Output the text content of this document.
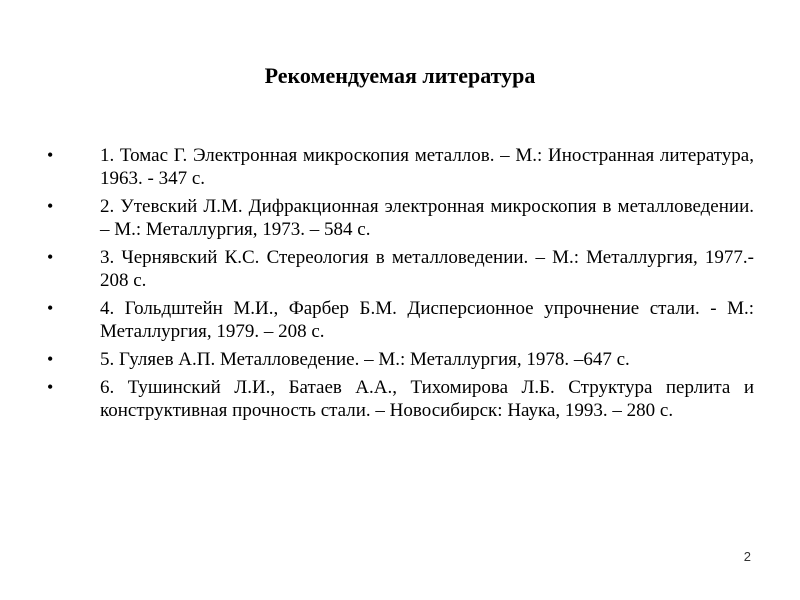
Рекомендуемая литература
• 1. Томас Г. Электронная микроскопия металлов. – М.: Иностранная литература, 1963. - 347 с.
• 2. Утевский Л.М. Дифракционная электронная микроскопия в металловедении. – М.: Металлургия, 1973. – 584 с.
• 3. Чернявский К.С. Стереология в металловедении. – М.: Металлургия, 1977.- 208 с.
• 4. Гольдштейн М.И., Фарбер Б.М. Дисперсионное упрочнение стали. - М.: Металлургия, 1979. – 208 с.
• 5. Гуляев А.П. Металловедение. – М.: Металлургия, 1978. –647 с.
• 6. Тушинский Л.И., Батаев А.А., Тихомирова Л.Б. Структура перлита и конструктивная прочность стали. – Новосибирск: Наука, 1993. – 280 с.
2
